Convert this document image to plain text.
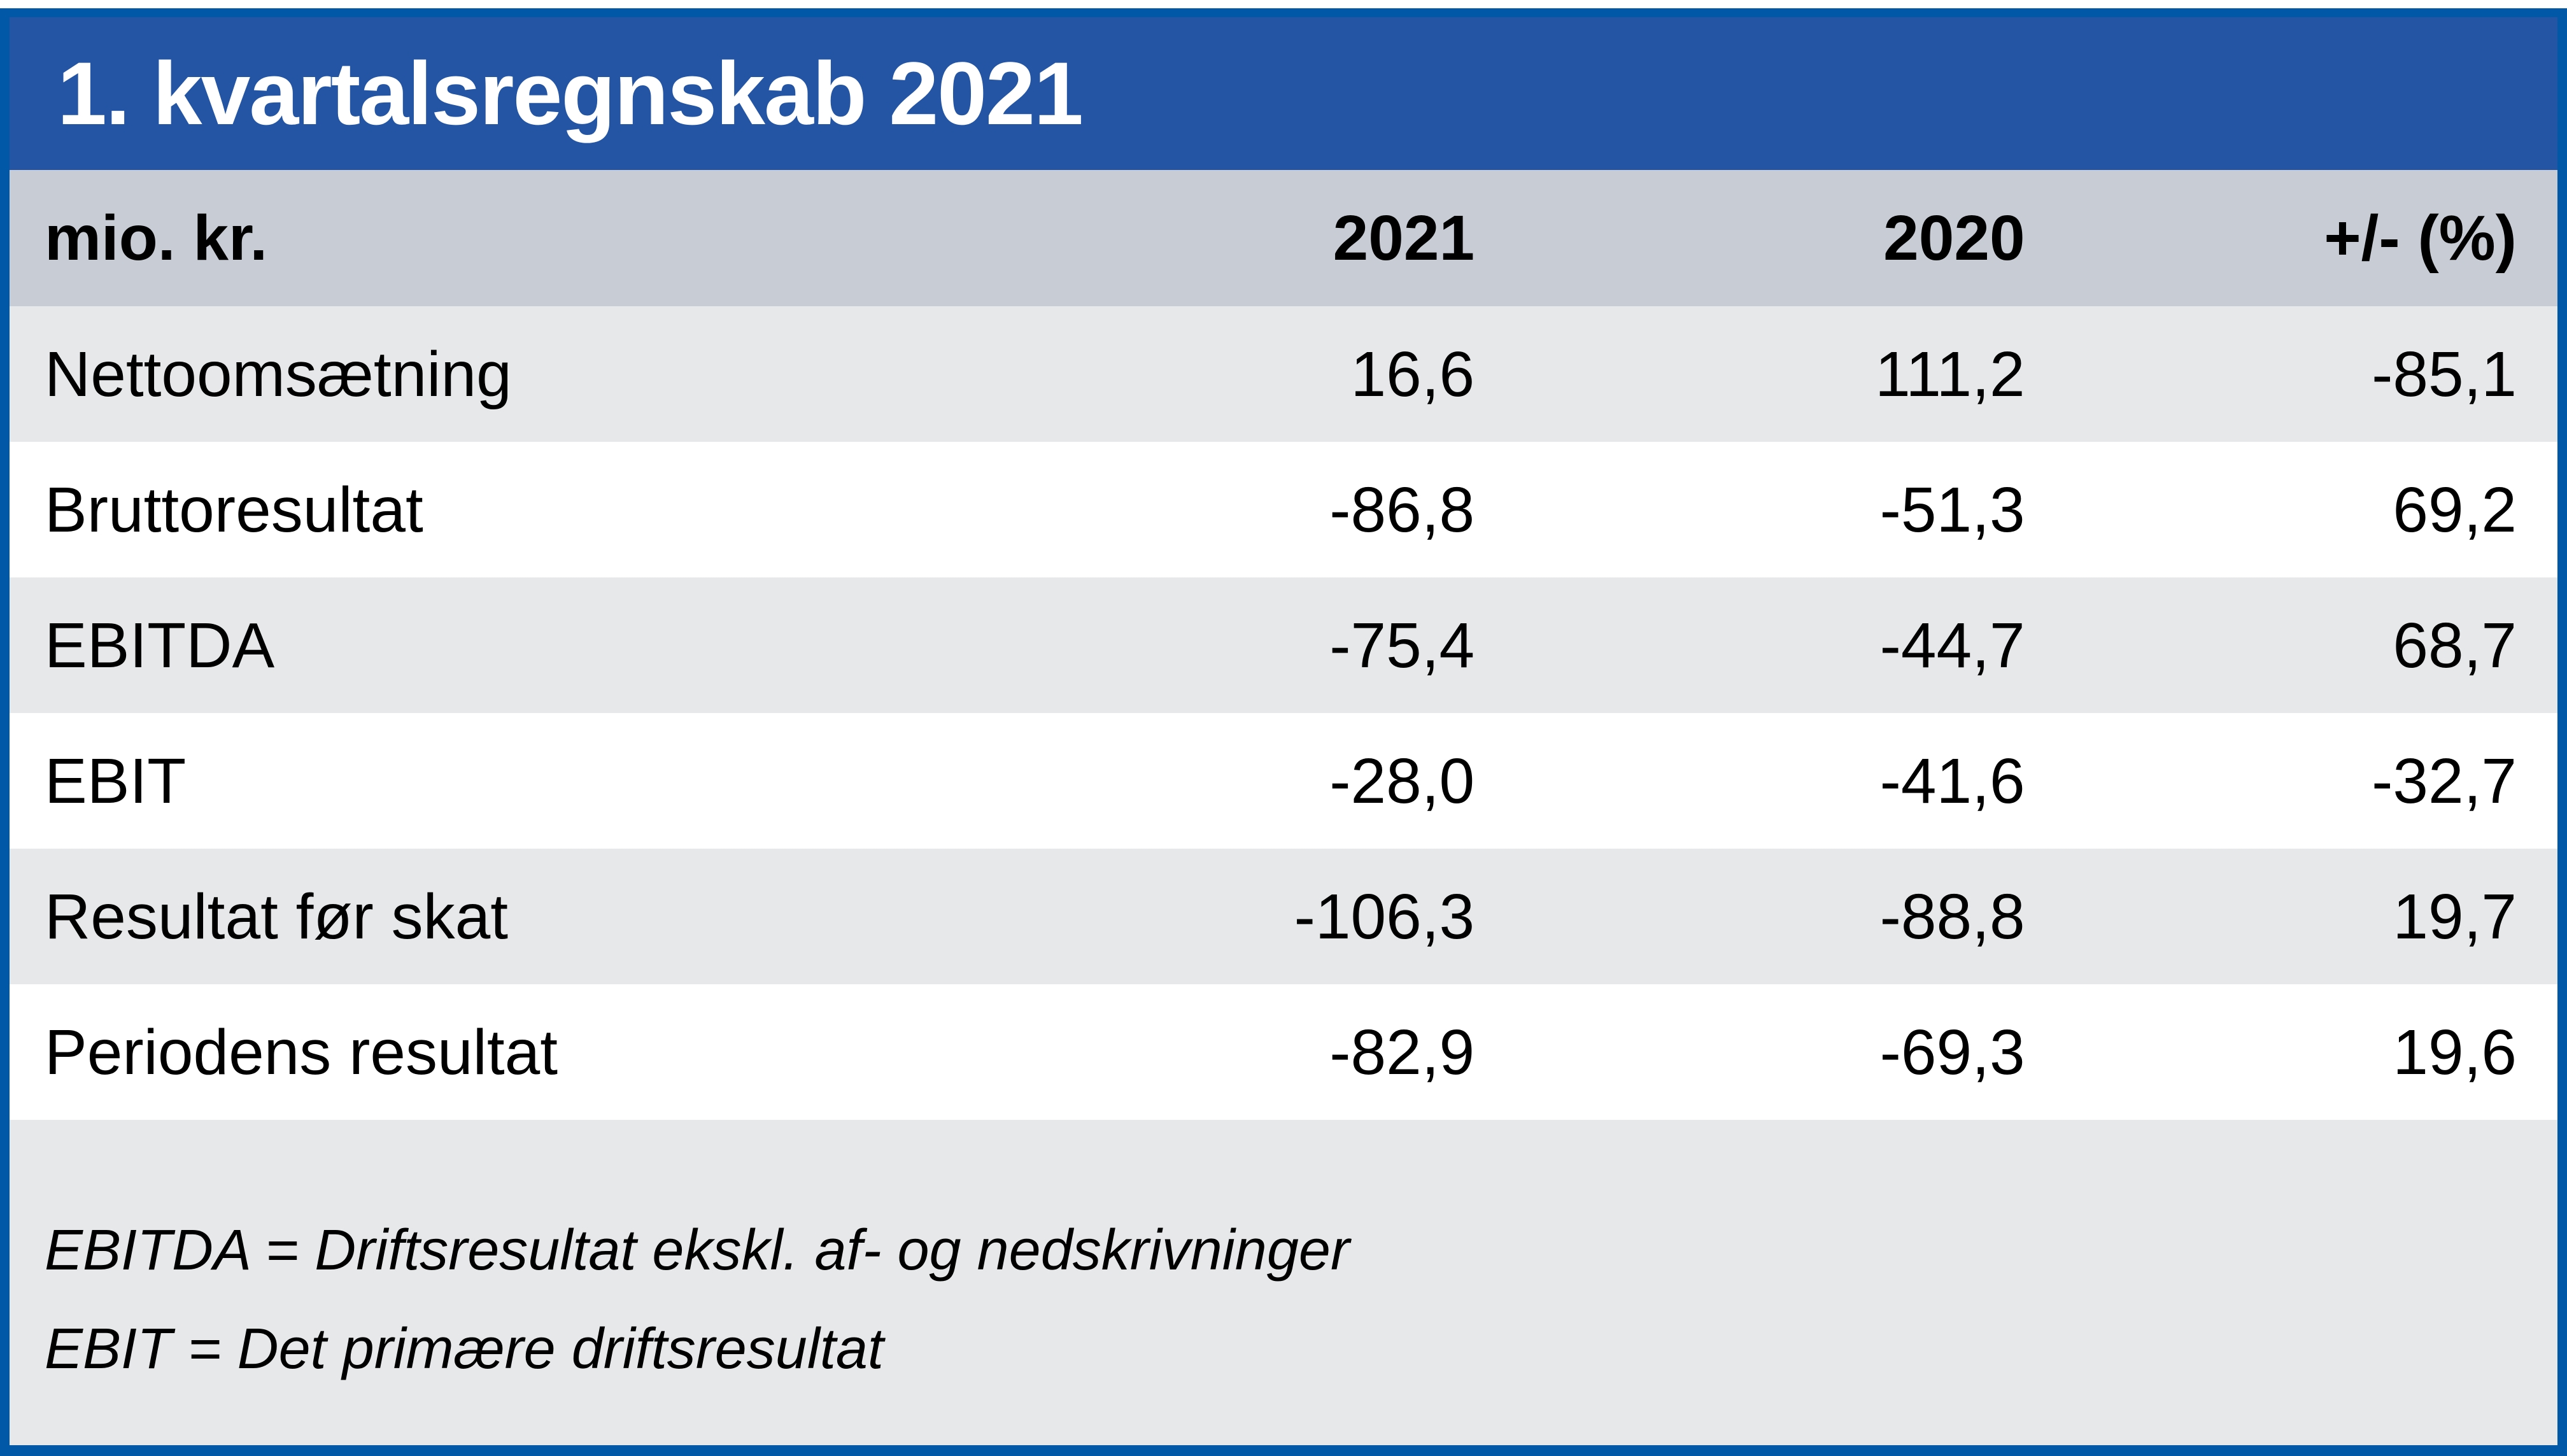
1. kvartalsregnskab 2021
mio. kr.	2021	2020	+/- (%)
Nettoomsætning	16,6	111,2	-85,1
Bruttoresultat	-86,8	-51,3	69,2
EBITDA	-75,4	-44,7	68,7
EBIT	-28,0	-41,6	-32,7
Resultat før skat	-106,3	-88,8	19,7
Periodens resultat	-82,9	-69,3	19,6
EBITDA = Driftsresultat ekskl. af- og nedskrivninger
EBIT = Det primære driftsresultat
